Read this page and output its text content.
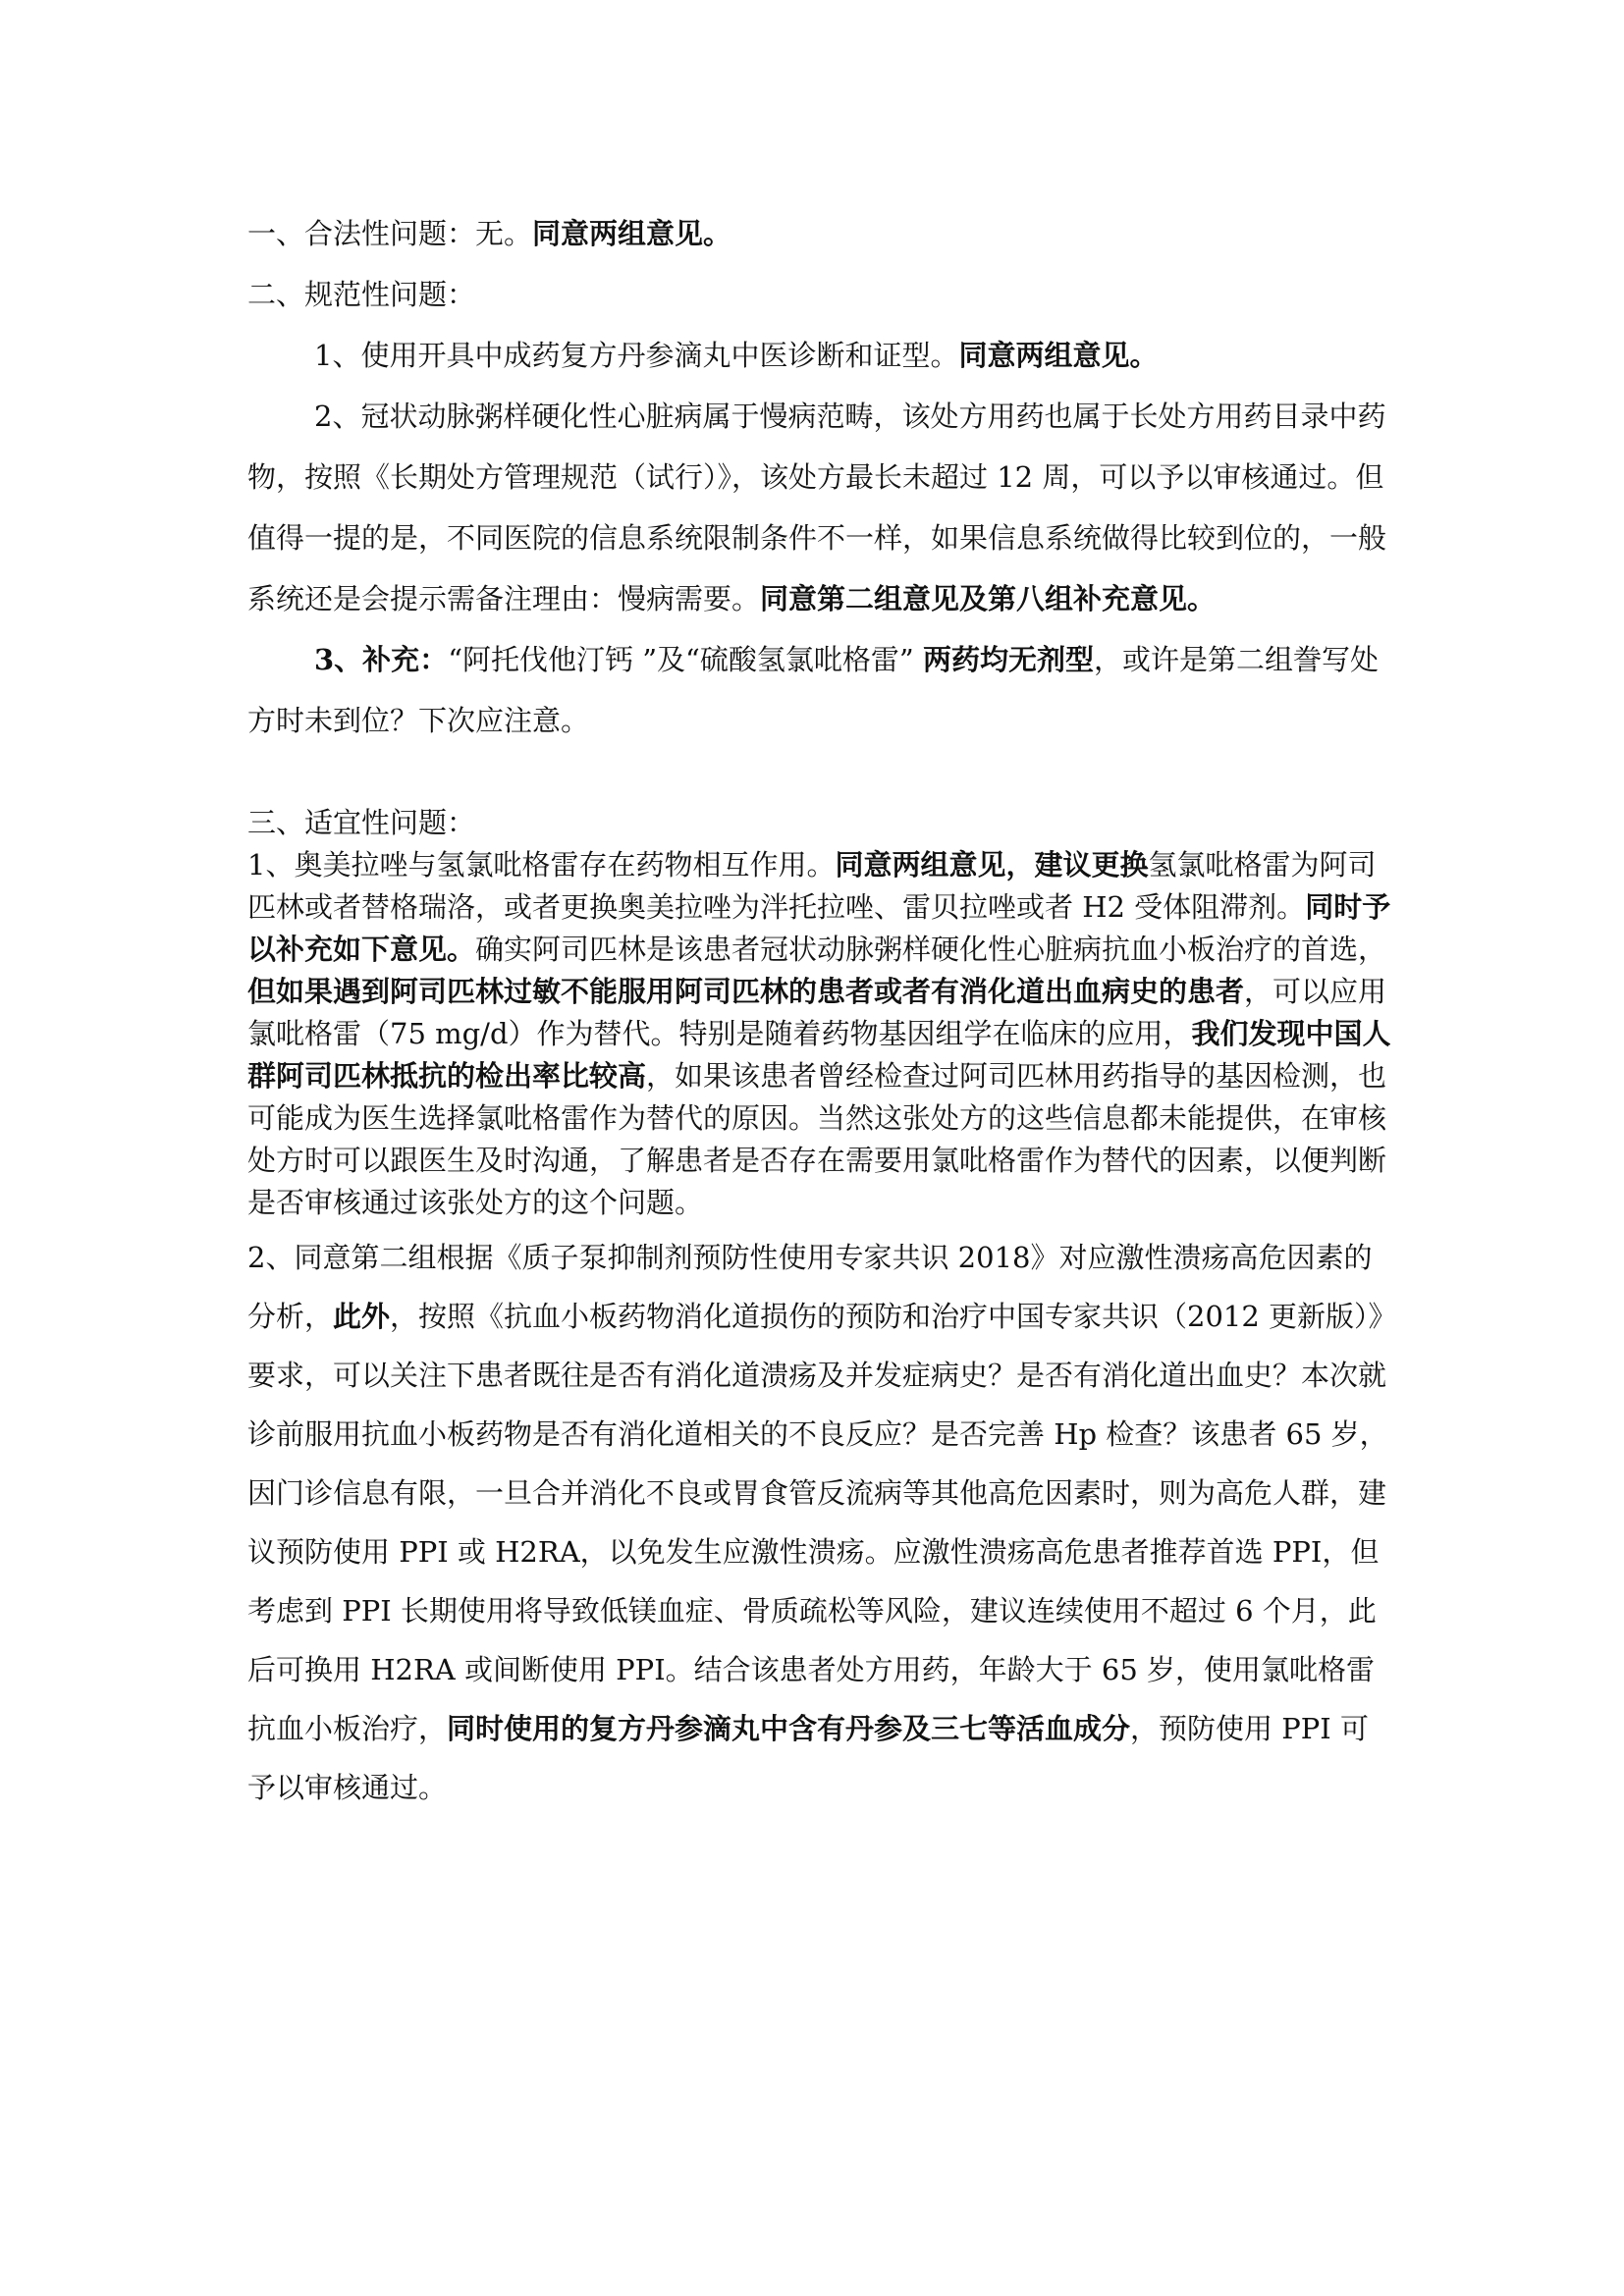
一、合法性问题：无。同意两组意见。

二、规范性问题：

1、使用开具中成药复方丹参滴丸中医诊断和证型。同意两组意见。

2、冠状动脉粥样硬化性心脏病属于慢病范畴，该处方用药也属于长处方用药目录中药物，按照《长期处方管理规范（试行）》，该处方最长未超过 12 周，可以予以审核通过。但值得一提的是，不同医院的信息系统限制条件不一样，如果信息系统做得比较到位的，一般系统还是会提示需备注理由：慢病需要。同意第二组意见及第八组补充意见。

3、补充：“阿托伐他汀钙 ”及“硫酸氢氯吡格雷” 两药均无剂型，或许是第二组誊写处方时未到位？下次应注意。

三、适宜性问题：

1、奥美拉唑与氢氯吡格雷存在药物相互作用。同意两组意见，建议更换氢氯吡格雷为阿司匹林或者替格瑞洛，或者更换奥美拉唑为泮托拉唑、雷贝拉唑或者 H2 受体阻滞剂。同时予以补充如下意见。确实阿司匹林是该患者冠状动脉粥样硬化性心脏病抗血小板治疗的首选，但如果遇到阿司匹林过敏不能服用阿司匹林的患者或者有消化道出血病史的患者，可以应用氯吡格雷（75 mg/d）作为替代。特别是随着药物基因组学在临床的应用，我们发现中国人群阿司匹林抵抗的检出率比较高，如果该患者曾经检查过阿司匹林用药指导的基因检测，也可能成为医生选择氯吡格雷作为替代的原因。当然这张处方的这些信息都未能提供，在审核处方时可以跟医生及时沟通，了解患者是否存在需要用氯吡格雷作为替代的因素，以便判断是否审核通过该张处方的这个问题。

2、同意第二组根据《质子泵抑制剂预防性使用专家共识 2018》对应激性溃疡高危因素的分析，此外，按照《抗血小板药物消化道损伤的预防和治疗中国专家共识（2012 更新版）》要求，可以关注下患者既往是否有消化道溃疡及并发症病史？是否有消化道出血史？本次就诊前服用抗血小板药物是否有消化道相关的不良反应？是否完善 Hp 检查？该患者 65 岁，因门诊信息有限，一旦合并消化不良或胃食管反流病等其他高危因素时，则为高危人群，建议预防使用 PPI 或 H2RA，以免发生应激性溃疡。应激性溃疡高危患者推荐首选 PPI，但考虑到 PPI 长期使用将导致低镁血症、骨质疏松等风险，建议连续使用不超过 6 个月，此后可换用 H2RA 或间断使用 PPI。结合该患者处方用药，年龄大于 65 岁，使用氯吡格雷抗血小板治疗，同时使用的复方丹参滴丸中含有丹参及三七等活血成分，预防使用 PPI 可予以审核通过。
